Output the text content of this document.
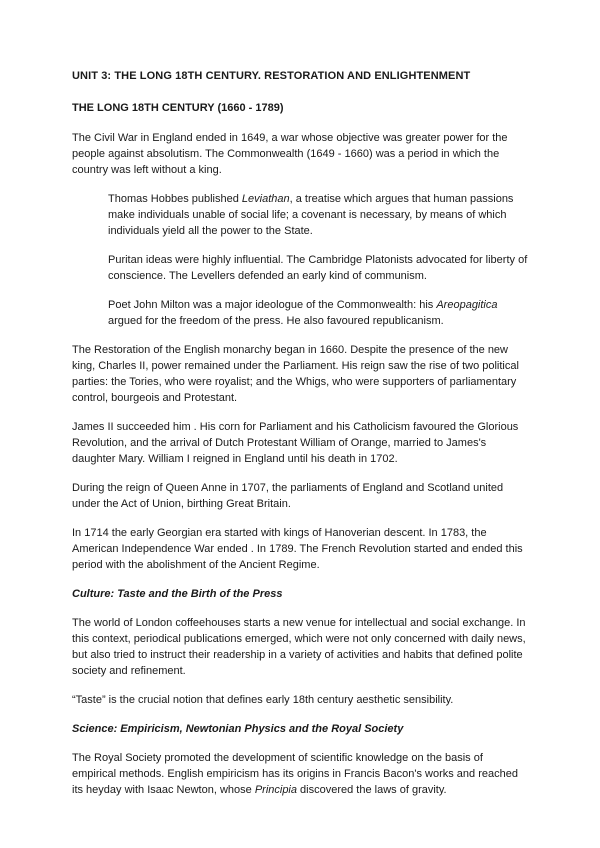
UNIT 3: THE LONG 18TH CENTURY. RESTORATION AND ENLIGHTENMENT
THE LONG 18TH CENTURY (1660 - 1789)

The Civil War in England ended in 1649, a war whose objective was greater power for the people against absolutism. The Commonwealth (1649 - 1660) was a period in which the country was left without a king.

Thomas Hobbes published Leviathan, a treatise which argues that human passions make individuals unable of social life; a covenant is necessary, by means of which individuals yield all the power to the State.

Puritan ideas were highly influential. The Cambridge Platonists advocated for liberty of conscience. The Levellers defended an early kind of communism.

Poet John Milton was a major ideologue of the Commonwealth: his Areopagitica argued for the freedom of the press. He also favoured republicanism.

The Restoration of the English monarchy began in 1660. Despite the presence of the new king, Charles II, power remained under the Parliament. His reign saw the rise of two political parties: the Tories, who were royalist; and the Whigs, who were supporters of parliamentary control, bourgeois and Protestant.

James II succeeded him . His corn for Parliament and his Catholicism favoured the Glorious Revolution, and the arrival of Dutch Protestant William of Orange, married to James's daughter Mary. William I reigned in England until his death in 1702.

During the reign of Queen Anne in 1707, the parliaments of England and Scotland united under the Act of Union, birthing Great Britain.

In 1714 the early Georgian era started with kings of Hanoverian descent. In 1783, the American Independence War ended . In 1789. The French Revolution started and ended this period with the abolishment of the Ancient Regime.

Culture: Taste and the Birth of the Press

The world of London coffeehouses starts a new venue for intellectual and social exchange. In this context, periodical publications emerged, which were not only concerned with daily news, but also tried to instruct their readership in a variety of activities and habits that defined polite society and refinement.

“Taste” is the crucial notion that defines early 18th century aesthetic sensibility.

Science: Empiricism, Newtonian Physics and the Royal Society

The Royal Society promoted the development of scientific knowledge on the basis of empirical methods. English empiricism has its origins in Francis Bacon's works and reached its heyday with Isaac Newton, whose Principia discovered the laws of gravity.
